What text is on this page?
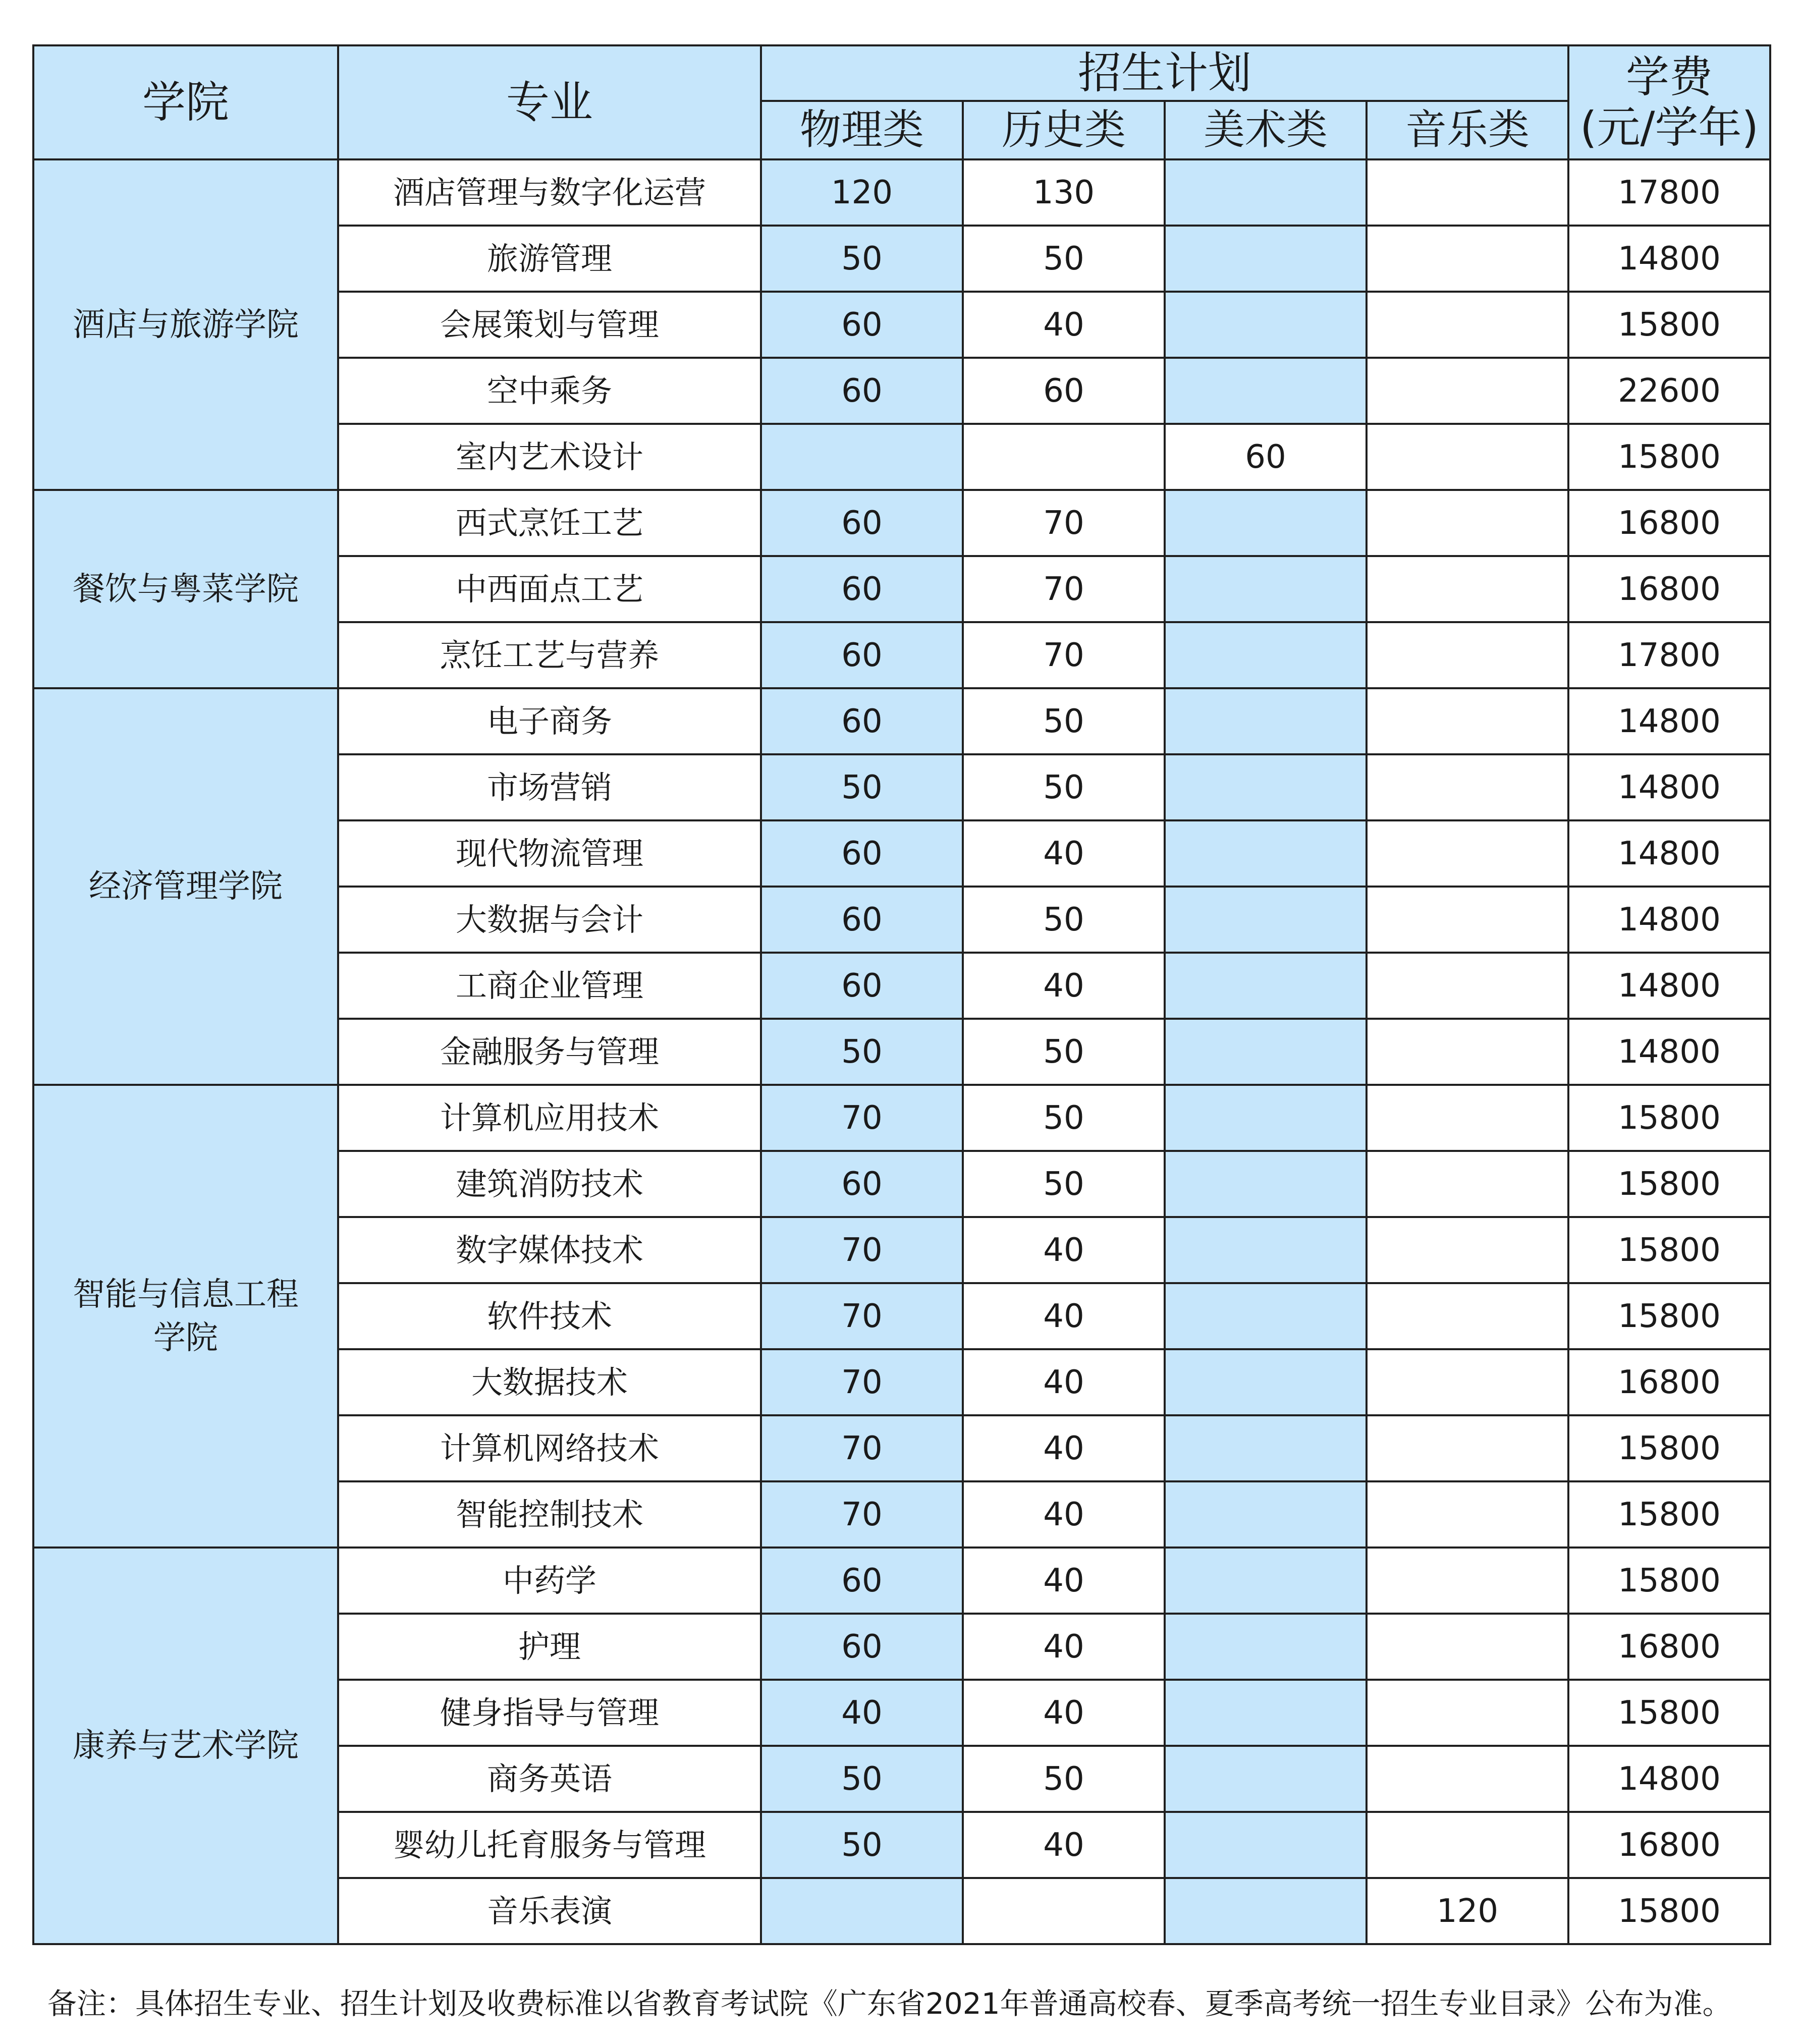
学院	专业	招生计划				学费
(元/学年)
		物理类	历史类	美术类	音乐类	
酒店与旅游学院	酒店管理与数字化运营	120	130			17800
	旅游管理	50	50			14800
	会展策划与管理	60	40			15800
	空中乘务	60	60			22600
	室内艺术设计			60		15800
餐饮与粤菜学院	西式烹饪工艺	60	70			16800
	中西面点工艺	60	70			16800
	烹饪工艺与营养	60	70			17800
经济管理学院	电子商务	60	50			14800
	市场营销	50	50			14800
	现代物流管理	60	40			14800
	大数据与会计	60	50			14800
	工商企业管理	60	40			14800
	金融服务与管理	50	50			14800
智能与信息工程
学院	计算机应用技术	70	50			15800
	建筑消防技术	60	50			15800
	数字媒体技术	70	40			15800
	软件技术	70	40			15800
	大数据技术	70	40			16800
	计算机网络技术	70	40			15800
	智能控制技术	70	40			15800
康养与艺术学院	中药学	60	40			15800
	护理	60	40			16800
	健身指导与管理	40	40			15800
	商务英语	50	50			14800
	婴幼儿托育服务与管理	50	40			16800
	音乐表演				120	15800
备注：具体招生专业、招生计划及收费标准以省教育考试院《广东省2021年普通高校春、夏季高考统一招生专业目录》公布为准。
